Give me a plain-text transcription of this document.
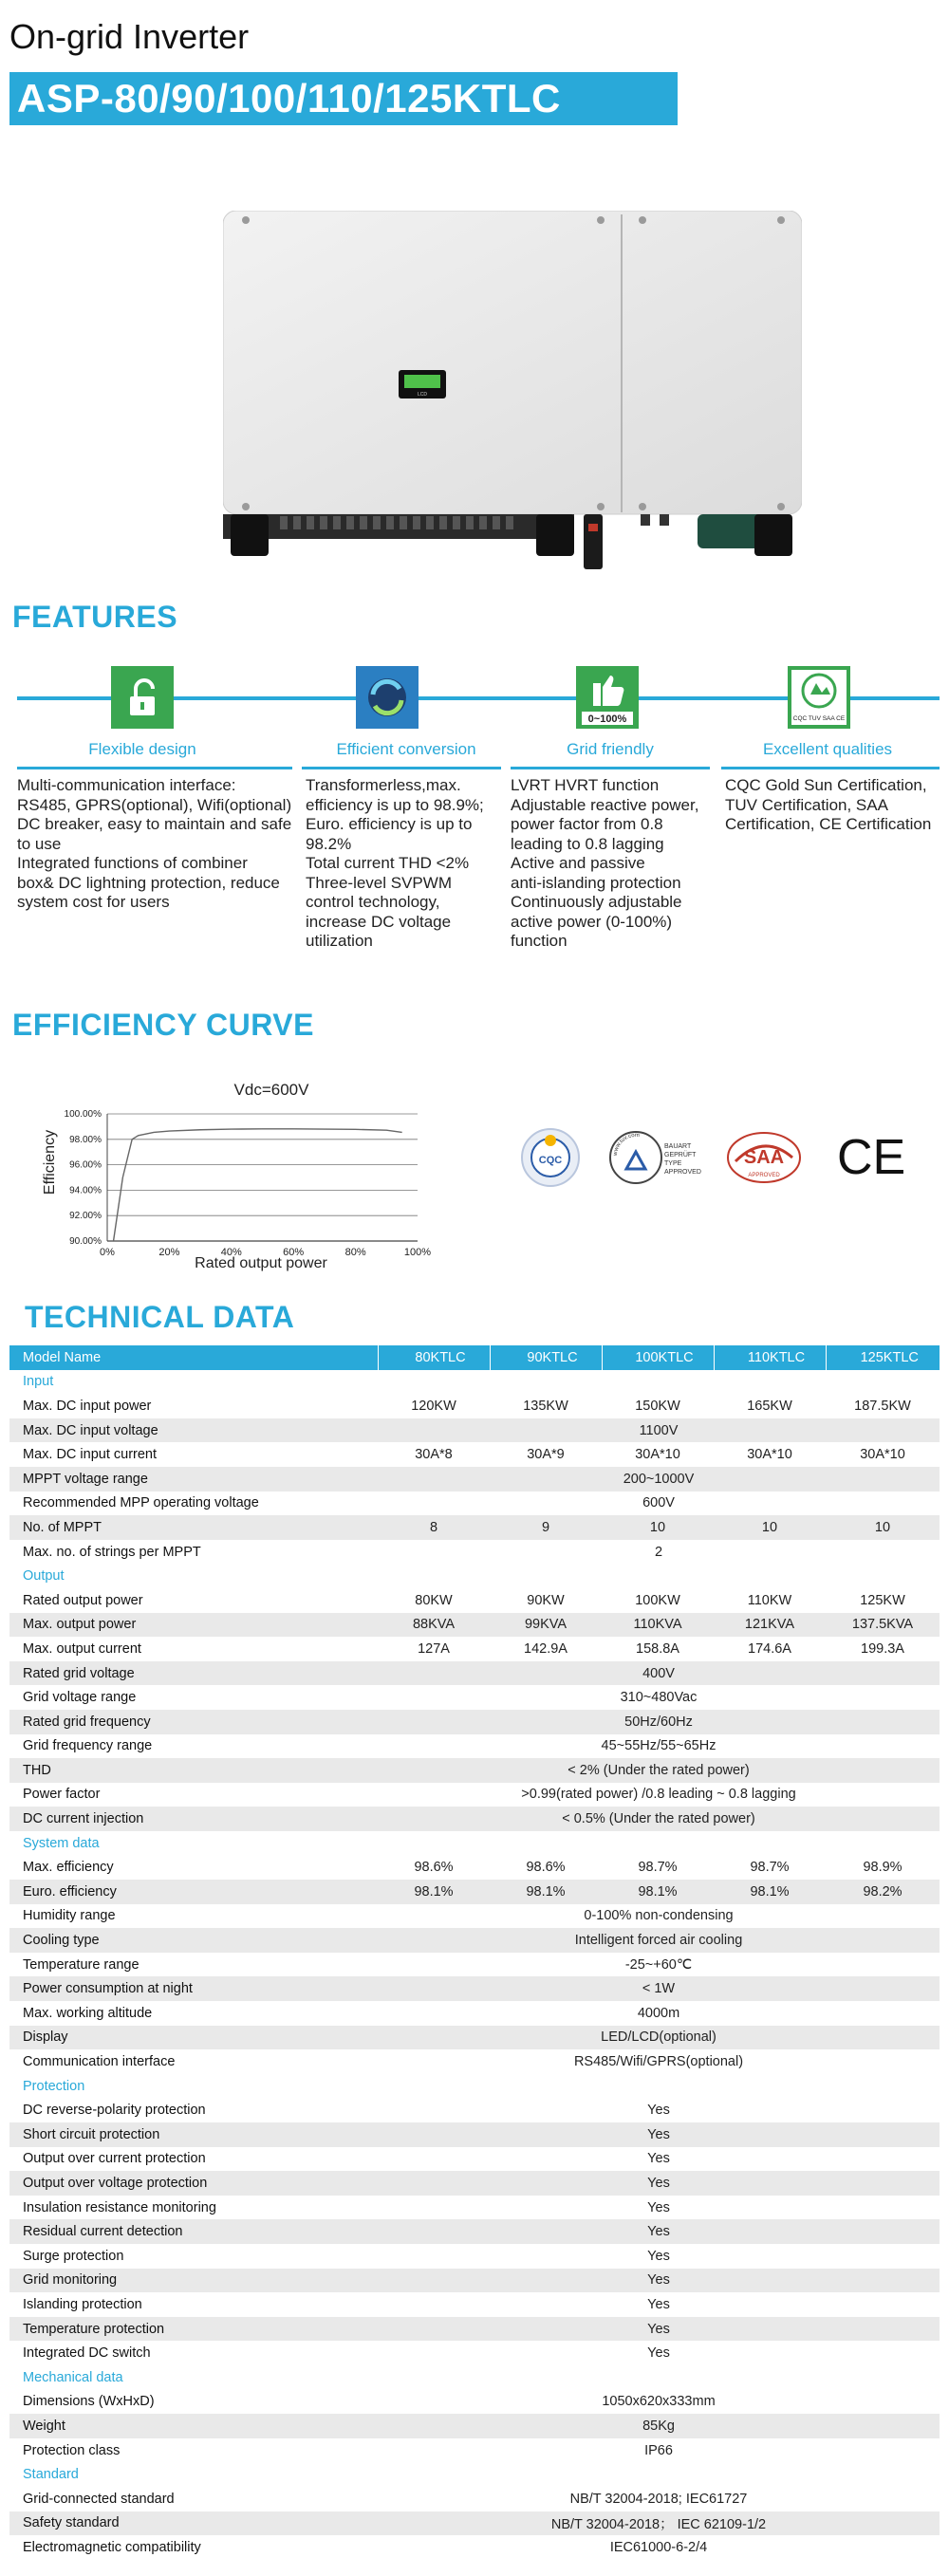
On-grid Inverter
ASP-80/90/100/110/125KTLC
LCD
FEATURES
Flexible design
Multi-communication interface:
RS485, GPRS(optional), Wifi(optional)
DC breaker, easy to maintain and safe
to use
Integrated functions of combiner
box& DC lightning protection, reduce
system cost for users
Efficient conversion
Transformerless,max.
efficiency is up to 98.9%;
Euro. efficiency is up to
98.2%
Total current THD <2%
Three-level SVPWM
control technology,
increase DC voltage
utilization
0~100%
Grid friendly
LVRT HVRT function
Adjustable reactive power,
power factor from 0.8
leading to 0.8 lagging
Active and passive
anti-islanding protection
Continuously adjustable
active power (0-100%)
function
CQC TUV SAA CE
Excellent qualities
CQC Gold Sun Certification,
TUV Certification, SAA
Certification, CE Certification
EFFICIENCY CURVE
Vdc=600V
Efficiency
Rated output power
90.00%
92.00%
94.00%
96.00%
98.00%
100.00%
0%	20%	40%	60%	80%	100%
CQC
www.tuv.com
BAUART
GEPRÜFT
TYPE
APPROVED
SAA
APPROVED CE
TECHNICAL DATA
Model Name	80KTLC	90KTLC	100KTLC	110KTLC	125KTLC
Input					
Max. DC input power	120KW	135KW	150KW	165KW	187.5KW
Max. DC input voltage	1100V				
Max. DC input current	30A*8	30A*9	30A*10	30A*10	30A*10
MPPT voltage range	200~1000V				
Recommended MPP operating voltage	600V				
No. of MPPT	8	9	10	10	10
Max. no. of strings per MPPT	2				
Output					
Rated output power	80KW	90KW	100KW	110KW	125KW
Max. output power	88KVA	99KVA	110KVA	121KVA	137.5KVA
Max. output current	127A	142.9A	158.8A	174.6A	199.3A
Rated grid voltage	400V				
Grid voltage range	310~480Vac				
Rated grid frequency	50Hz/60Hz				
Grid frequency range	45~55Hz/55~65Hz				
THD	< 2% (Under the rated power)				
Power factor	>0.99(rated power) /0.8 leading ~ 0.8 lagging				
DC current injection	< 0.5% (Under the rated power)				
System data					
Max. efficiency	98.6%	98.6%	98.7%	98.7%	98.9%
Euro. efficiency	98.1%	98.1%	98.1%	98.1%	98.2%
Humidity range	0-100% non-condensing				
Cooling type	Intelligent forced air cooling				
Temperature range	-25~+60℃				
Power consumption at night	< 1W				
Max. working altitude	4000m				
Display	LED/LCD(optional)				
Communication interface	RS485/Wifi/GPRS(optional)				
Protection					
DC reverse-polarity protection	Yes				
Short circuit protection	Yes				
Output over current protection	Yes				
Output over voltage protection	Yes				
Insulation resistance monitoring	Yes				
Residual current detection	Yes				
Surge protection	Yes				
Grid monitoring	Yes				
Islanding protection	Yes				
Temperature protection	Yes				
Integrated DC switch	Yes				
Mechanical data					
Dimensions (WxHxD)	1050x620x333mm				
Weight	85Kg				
Protection class	IP66				
Standard					
Grid-connected standard	NB/T 32004-2018; IEC61727				
Safety standard	NB/T 32004-2018； IEC 62109-1/2				
Electromagnetic compatibility	IEC61000-6-2/4				
